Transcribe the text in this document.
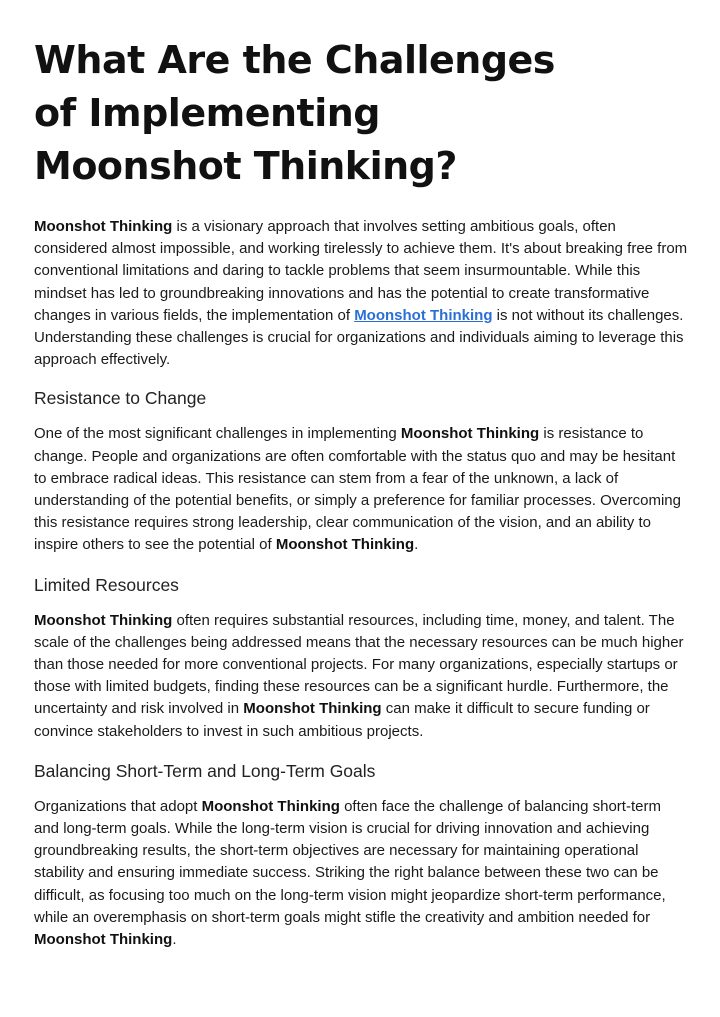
What Are the Challenges of Implementing Moonshot Thinking?

Moonshot Thinking is a visionary approach that involves setting ambitious goals, often considered almost impossible, and working tirelessly to achieve them. It's about breaking free from conventional limitations and daring to tackle problems that seem insurmountable. While this mindset has led to groundbreaking innovations and has the potential to create transformative changes in various fields, the implementation of Moonshot Thinking is not without its challenges. Understanding these challenges is crucial for organizations and individuals aiming to leverage this approach effectively.

Resistance to Change

One of the most significant challenges in implementing Moonshot Thinking is resistance to change. People and organizations are often comfortable with the status quo and may be hesitant to embrace radical ideas. This resistance can stem from a fear of the unknown, a lack of understanding of the potential benefits, or simply a preference for familiar processes. Overcoming this resistance requires strong leadership, clear communication of the vision, and an ability to inspire others to see the potential of Moonshot Thinking.

Limited Resources

Moonshot Thinking often requires substantial resources, including time, money, and talent. The scale of the challenges being addressed means that the necessary resources can be much higher than those needed for more conventional projects. For many organizations, especially startups or those with limited budgets, finding these resources can be a significant hurdle. Furthermore, the uncertainty and risk involved in Moonshot Thinking can make it difficult to secure funding or convince stakeholders to invest in such ambitious projects.

Balancing Short-Term and Long-Term Goals

Organizations that adopt Moonshot Thinking often face the challenge of balancing short-term and long-term goals. While the long-term vision is crucial for driving innovation and achieving groundbreaking results, the short-term objectives are necessary for maintaining operational stability and ensuring immediate success. Striking the right balance between these two can be difficult, as focusing too much on the long-term vision might jeopardize short-term performance, while an overemphasis on short-term goals might stifle the creativity and ambition needed for Moonshot Thinking.
